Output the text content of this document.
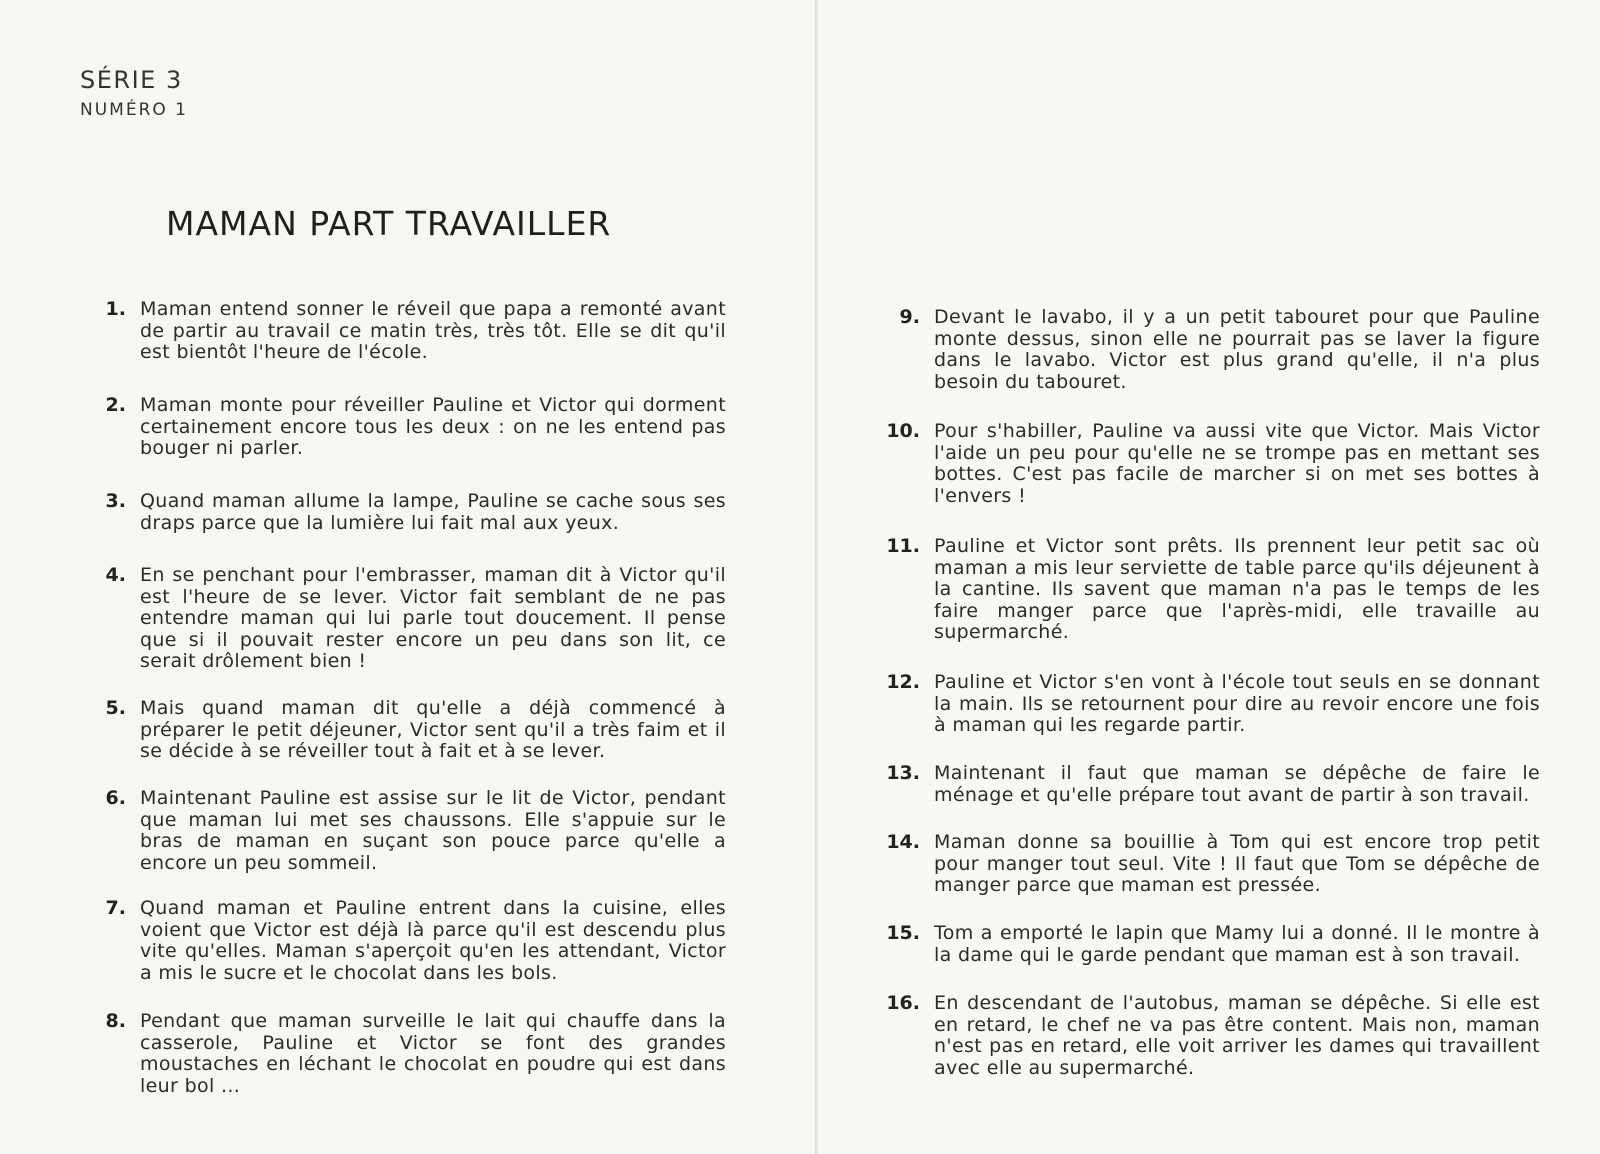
SÉRIE 3
NUMÉRO 1
MAMAN PART TRAVAILLER
1. Maman entend sonner le réveil que papa a remonté avant de partir au travail ce matin très, très tôt. Elle se dit qu'il est bientôt l'heure de l'école.
2. Maman monte pour réveiller Pauline et Victor qui dorment certainement encore tous les deux : on ne les entend pas bouger ni parler.
3. Quand maman allume la lampe, Pauline se cache sous ses draps parce que la lumière lui fait mal aux yeux.
4. En se penchant pour l'embrasser, maman dit à Victor qu'il est l'heure de se lever. Victor fait semblant de ne pas entendre maman qui lui parle tout doucement. Il pense que si il pouvait rester encore un peu dans son lit, ce serait drôlement bien !
5. Mais quand maman dit qu'elle a déjà commencé à préparer le petit déjeuner, Victor sent qu'il a très faim et il se décide à se réveiller tout à fait et à se lever.
6. Maintenant Pauline est assise sur le lit de Victor, pendant que maman lui met ses chaussons. Elle s'appuie sur le bras de maman en suçant son pouce parce qu'elle a encore un peu sommeil.
7. Quand maman et Pauline entrent dans la cuisine, elles voient que Victor est déjà là parce qu'il est descendu plus vite qu'elles. Maman s'aperçoit qu'en les attendant, Victor a mis le sucre et le chocolat dans les bols.
8. Pendant que maman surveille le lait qui chauffe dans la casserole, Pauline et Victor se font des grandes moustaches en léchant le chocolat en poudre qui est dans leur bol ...
9. Devant le lavabo, il y a un petit tabouret pour que Pauline monte dessus, sinon elle ne pourrait pas se laver la figure dans le lavabo. Victor est plus grand qu'elle, il n'a plus besoin du tabouret.
10. Pour s'habiller, Pauline va aussi vite que Victor. Mais Victor l'aide un peu pour qu'elle ne se trompe pas en mettant ses bottes. C'est pas facile de marcher si on met ses bottes à l'envers !
11. Pauline et Victor sont prêts. Ils prennent leur petit sac où maman a mis leur serviette de table parce qu'ils déjeunent à la cantine. Ils savent que maman n'a pas le temps de les faire manger parce que l'après-midi, elle travaille au supermarché.
12. Pauline et Victor s'en vont à l'école tout seuls en se donnant la main. Ils se retournent pour dire au revoir encore une fois à maman qui les regarde partir.
13. Maintenant il faut que maman se dépêche de faire le ménage et qu'elle prépare tout avant de partir à son travail.
14. Maman donne sa bouillie à Tom qui est encore trop petit pour manger tout seul. Vite ! Il faut que Tom se dépêche de manger parce que maman est pressée.
15. Tom a emporté le lapin que Mamy lui a donné. Il le montre à la dame qui le garde pendant que maman est à son travail.
16. En descendant de l'autobus, maman se dépêche. Si elle est en retard, le chef ne va pas être content. Mais non, maman n'est pas en retard, elle voit arriver les dames qui travaillent avec elle au supermarché.
